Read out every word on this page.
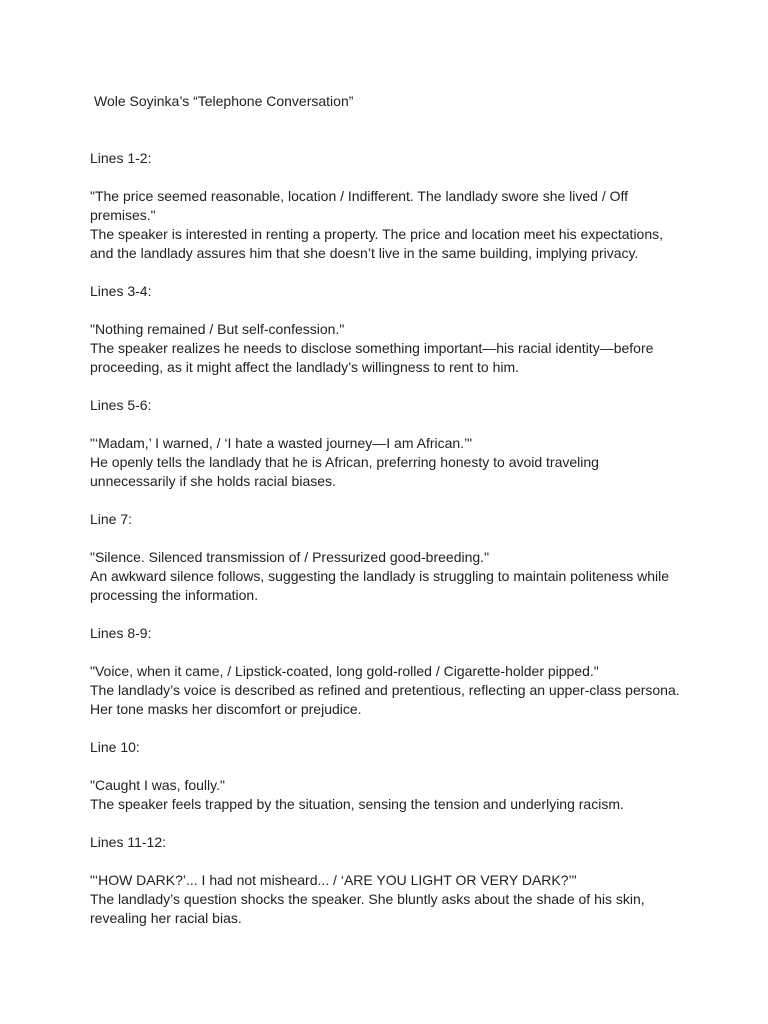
Wole Soyinka’s “Telephone Conversation”
Lines 1-2:
"The price seemed reasonable, location / Indifferent. The landlady swore she lived / Off premises."
The speaker is interested in renting a property. The price and location meet his expectations, and the landlady assures him that she doesn’t live in the same building, implying privacy.
Lines 3-4:
"Nothing remained / But self-confession."
The speaker realizes he needs to disclose something important—his racial identity—before proceeding, as it might affect the landlady’s willingness to rent to him.
Lines 5-6:
"‘Madam,’ I warned, / ‘I hate a wasted journey—I am African.’"
He openly tells the landlady that he is African, preferring honesty to avoid traveling unnecessarily if she holds racial biases.
Line 7:
"Silence. Silenced transmission of / Pressurized good-breeding."
An awkward silence follows, suggesting the landlady is struggling to maintain politeness while processing the information.
Lines 8-9:
"Voice, when it came, / Lipstick-coated, long gold-rolled / Cigarette-holder pipped."
The landlady’s voice is described as refined and pretentious, reflecting an upper-class persona. Her tone masks her discomfort or prejudice.
Line 10:
"Caught I was, foully."
The speaker feels trapped by the situation, sensing the tension and underlying racism.
Lines 11-12:
"‘HOW DARK?’... I had not misheard... / ‘ARE YOU LIGHT OR VERY DARK?’"
The landlady’s question shocks the speaker. She bluntly asks about the shade of his skin, revealing her racial bias.
